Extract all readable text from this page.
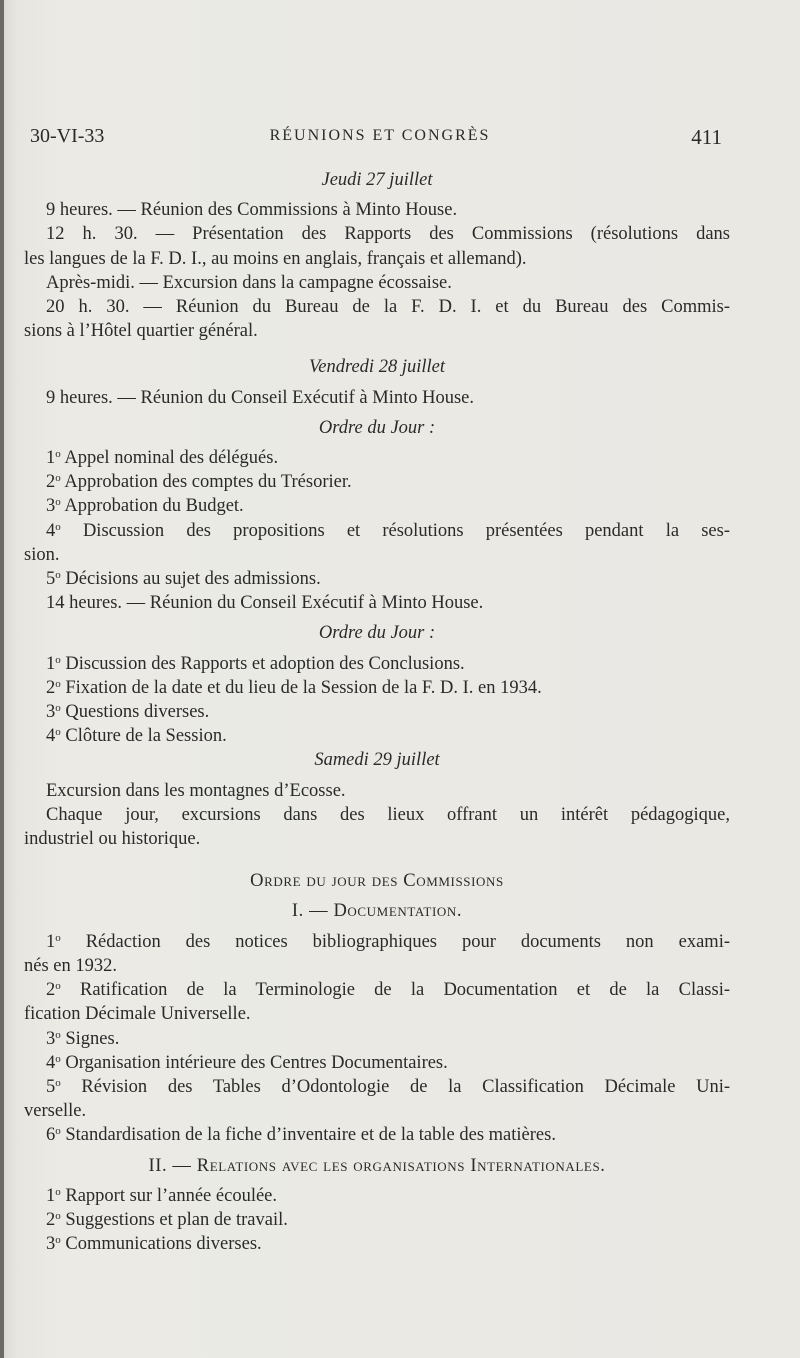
30-VI-33	RÉUNIONS ET CONGRÈS	411

Jeudi 27 juillet

9 heures. — Réunion des Commissions à Minto House.

12 h. 30. — Présentation des Rapports des Commissions (résolutions dans

les langues de la F. D. I., au moins en anglais, français et allemand).

Après-midi. — Excursion dans la campagne écossaise.

20 h. 30. — Réunion du Bureau de la F. D. I. et du Bureau des Commis-

sions à l’Hôtel quartier général.

Vendredi 28 juillet

9 heures. — Réunion du Conseil Exécutif à Minto House.

Ordre du Jour :

1$^o$ Appel nominal des délégués.

2$^o$ Approbation des comptes du Trésorier.

3$^o$ Approbation du Budget.

4$^o$ Discussion des propositions et résolutions présentées pendant la ses-

sion.

5$^o$ Décisions au sujet des admissions.

14 heures. — Réunion du Conseil Exécutif à Minto House.

Ordre du Jour :

1$^o$ Discussion des Rapports et adoption des Conclusions.

2$^o$ Fixation de la date et du lieu de la Session de la F. D. I. en 1934.

3$^o$ Questions diverses.

4$^o$ Clôture de la Session.

Samedi 29 juillet

Excursion dans les montagnes d’Ecosse.

Chaque jour, excursions dans des lieux offrant un intérêt pédagogique,

industriel ou historique.

Ordre du jour des Commissions

I. — Documentation.

1$^o$ Rédaction des notices bibliographiques pour documents non exami-

nés en 1932.

2$^o$ Ratification de la Terminologie de la Documentation et de la Classi-

fication Décimale Universelle.

3$^o$ Signes.

4$^o$ Organisation intérieure des Centres Documentaires.

5$^o$ Révision des Tables d’Odontologie de la Classification Décimale Uni-

verselle.

6$^o$ Standardisation de la fiche d’inventaire et de la table des matières.

II. — Relations avec les organisations Internationales.

1$^o$ Rapport sur l’année écoulée.

2$^o$ Suggestions et plan de travail.

3$^o$ Communications diverses.
